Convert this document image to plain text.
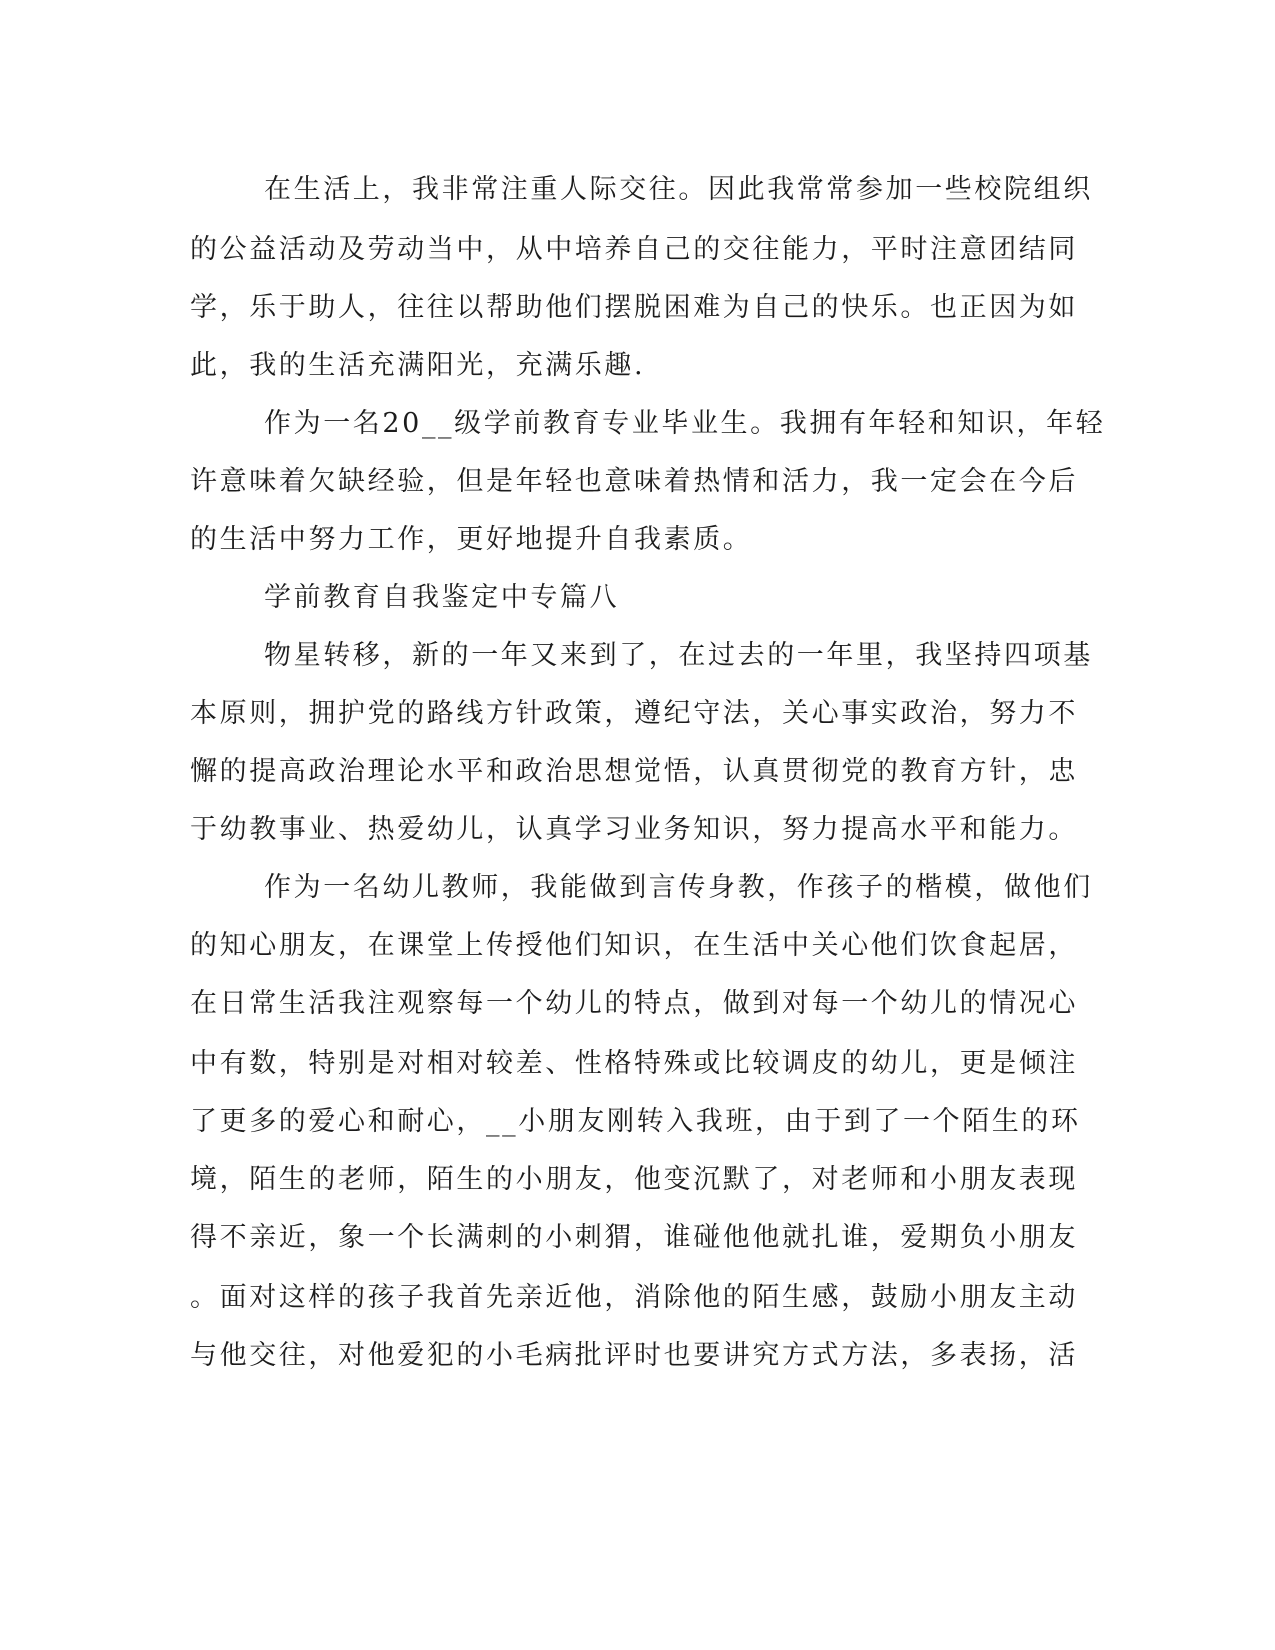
在生活上，我非常注重人际交往。因此我常常参加一些校院组织
的公益活动及劳动当中，从中培养自己的交往能力，平时注意团结同
学，乐于助人，往往以帮助他们摆脱困难为自己的快乐。也正因为如
此，我的生活充满阳光，充满乐趣.
作为一名20__级学前教育专业毕业生。我拥有年轻和知识，年轻
许意味着欠缺经验，但是年轻也意味着热情和活力，我一定会在今后
的生活中努力工作，更好地提升自我素质。
学前教育自我鉴定中专篇八
物星转移，新的一年又来到了，在过去的一年里，我坚持四项基
本原则，拥护党的路线方针政策，遵纪守法，关心事实政治，努力不
懈的提高政治理论水平和政治思想觉悟，认真贯彻党的教育方针，忠
于幼教事业、热爱幼儿，认真学习业务知识，努力提高水平和能力。
作为一名幼儿教师，我能做到言传身教，作孩子的楷模，做他们
的知心朋友，在课堂上传授他们知识，在生活中关心他们饮食起居，
在日常生活我注观察每一个幼儿的特点，做到对每一个幼儿的情况心
中有数，特别是对相对较差、性格特殊或比较调皮的幼儿，更是倾注
了更多的爱心和耐心，__小朋友刚转入我班，由于到了一个陌生的环
境，陌生的老师，陌生的小朋友，他变沉默了，对老师和小朋友表现
得不亲近，象一个长满刺的小刺猬，谁碰他他就扎谁，爱期负小朋友
。面对这样的孩子我首先亲近他，消除他的陌生感，鼓励小朋友主动
与他交往，对他爱犯的小毛病批评时也要讲究方式方法，多表扬，活
